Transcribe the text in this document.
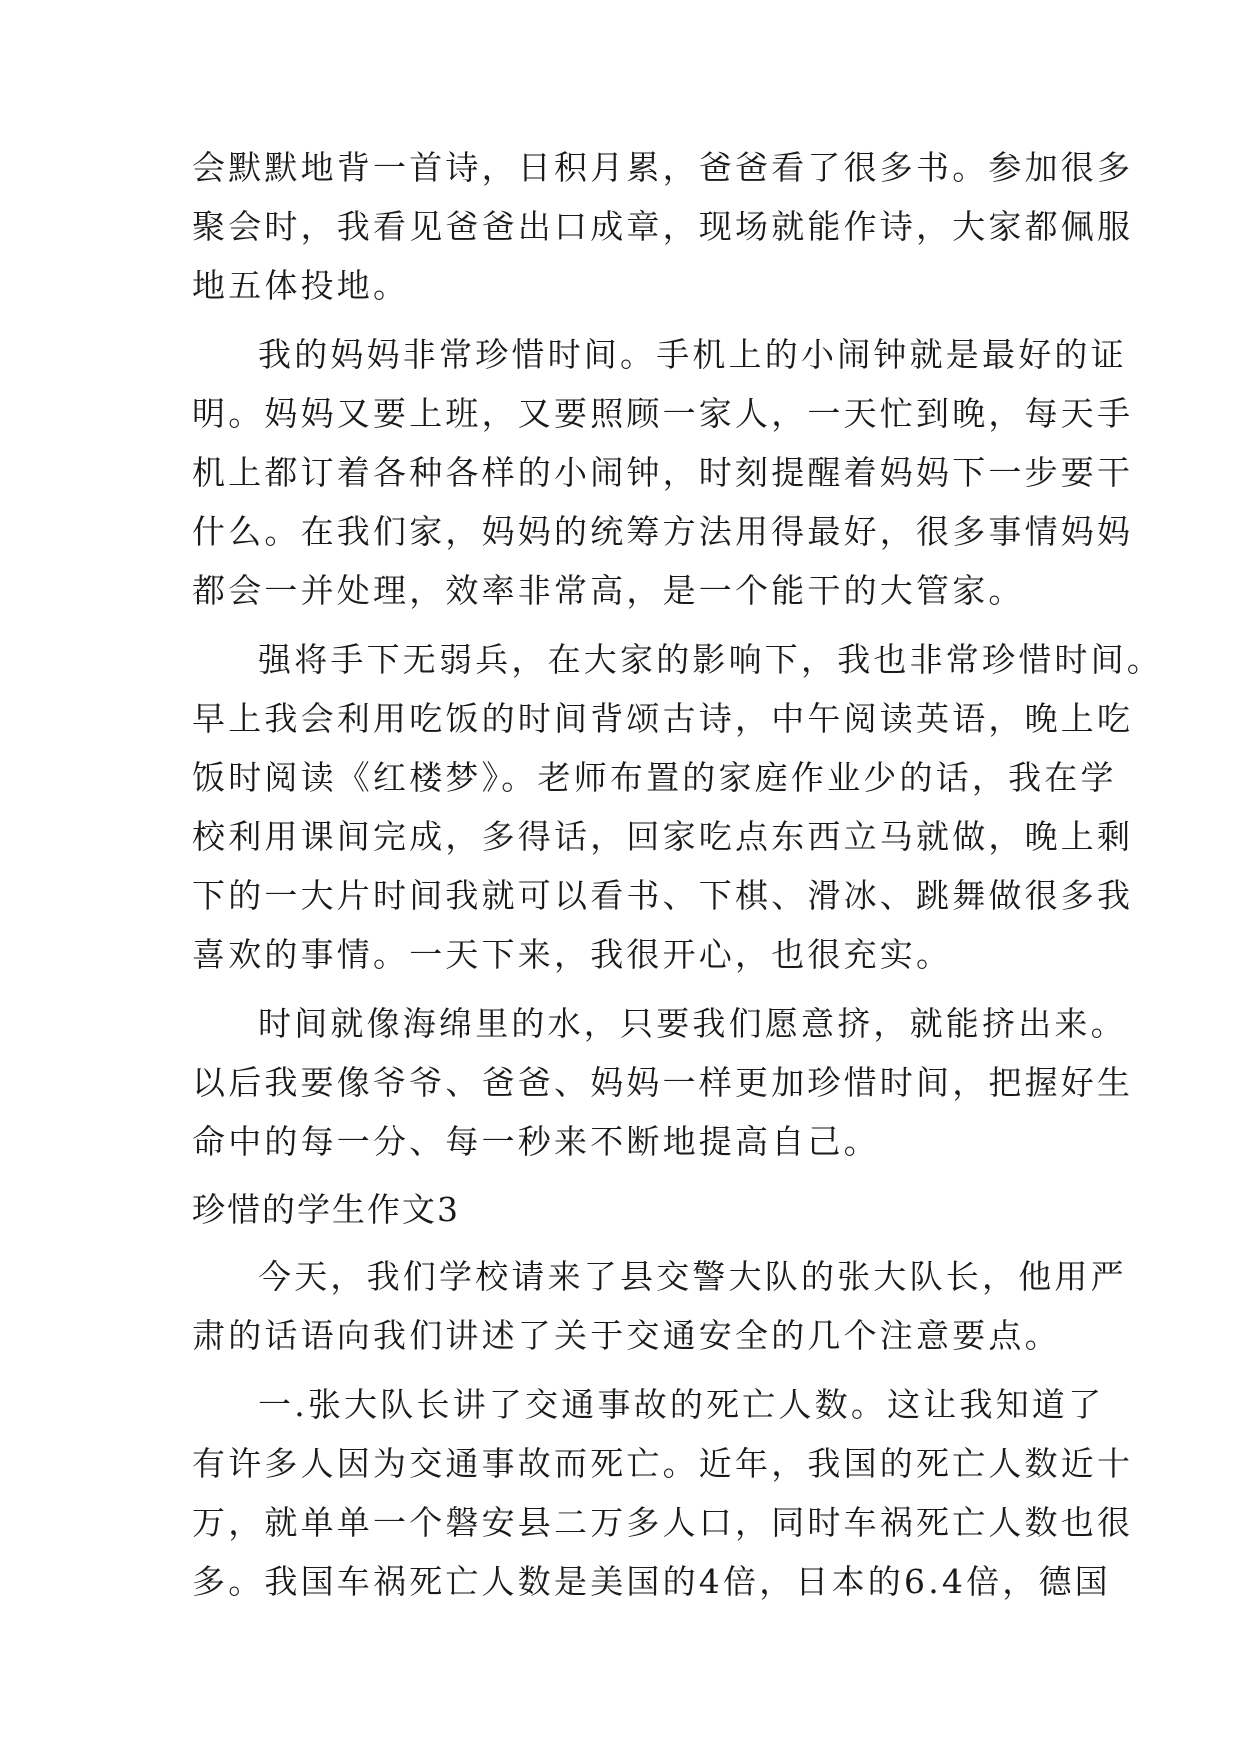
会默默地背一首诗，日积月累，爸爸看了很多书。参加很多
聚会时，我看见爸爸出口成章，现场就能作诗，大家都佩服
地五体投地。
我的妈妈非常珍惜时间。手机上的小闹钟就是最好的证
明。妈妈又要上班，又要照顾一家人，一天忙到晚，每天手
机上都订着各种各样的小闹钟，时刻提醒着妈妈下一步要干
什么。在我们家，妈妈的统筹方法用得最好，很多事情妈妈
都会一并处理，效率非常高，是一个能干的大管家。
强将手下无弱兵，在大家的影响下，我也非常珍惜时间。
早上我会利用吃饭的时间背颂古诗，中午阅读英语，晚上吃
饭时阅读《红楼梦》。老师布置的家庭作业少的话，我在学
校利用课间完成，多得话，回家吃点东西立马就做，晚上剩
下的一大片时间我就可以看书、下棋、滑冰、跳舞做很多我
喜欢的事情。一天下来，我很开心，也很充实。
时间就像海绵里的水，只要我们愿意挤，就能挤出来。
以后我要像爷爷、爸爸、妈妈一样更加珍惜时间，把握好生
命中的每一分、每一秒来不断地提高自己。
珍惜的学生作文3
今天，我们学校请来了县交警大队的张大队长，他用严
肃的话语向我们讲述了关于交通安全的几个注意要点。
一.张大队长讲了交通事故的死亡人数。这让我知道了
有许多人因为交通事故而死亡。近年，我国的死亡人数近十
万，就单单一个磐安县二万多人口，同时车祸死亡人数也很
多。我国车祸死亡人数是美国的4倍，日本的6.4倍，德国
